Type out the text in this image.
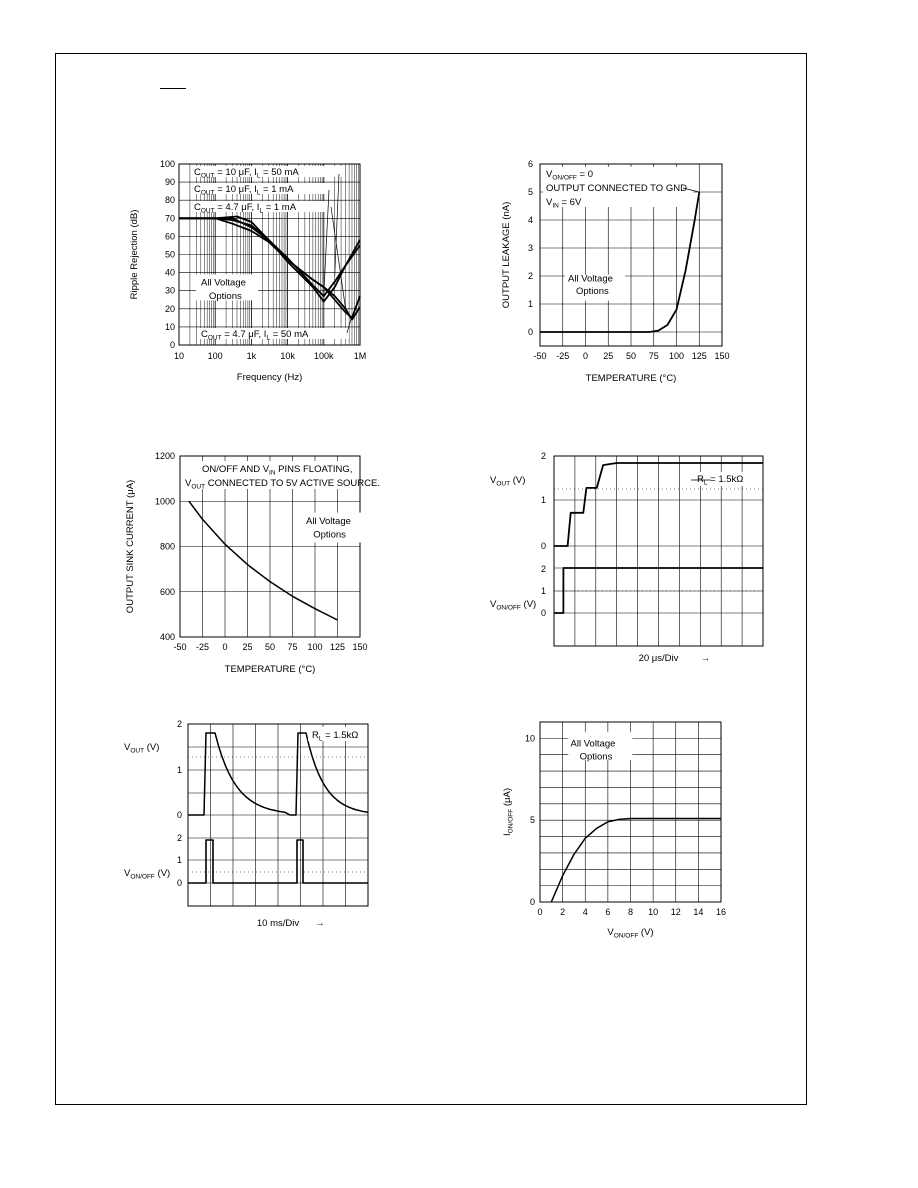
0
10
20
30
40
50
60
70
80
90
100
10	100	1k	10k 100k 1M
Frequency (Hz)
Ripple Rejection (dB)
$C_{OUT} = 10$ μF, $I_L = 50$ mA
$C_{OUT} = 10$ μF, $I_L = 1$ mA
$C_{OUT} = 4.7$ μF, $I_L = 1$ mA
$C_{OUT} = 4.7$ μF, $I_L = 50$ mA
All Voltage
Options
0
1
2
3
4
5
6
-50 -25 0 25 50 75 100 125 150
TEMPERATURE (°C)
OUTPUT LEAKAGE (nA)
$V_{ON/OFF} = 0$
OUTPUT CONNECTED TO GND
$V_{IN} = 6V$
All Voltage
Options
400
600
800
1000
1200
-50 -25 0 25 50 75 100 125 150
TEMPERATURE (°C)
OUTPUT SINK CURRENT (μA)
ON/OFF AND $V_{IN}$ PINS FLOATING,
$V_{OUT}$ CONNECTED TO 5V ACTIVE SOURCE.
All Voltage
Options
2
1
0
2
1
0
$V_{OUT}$ (V)
$V_{ON/OFF}$ (V)
$R_L = 1.5k\Omega$
20 μs/Div →
2
1
0
2
1
0
$V_{OUT}$ (V)
$V_{ON/OFF}$ (V)
$R_L = 1.5k\Omega$
10 ms/Div →
0
5
10
0 2 4 6 8 10 12 14 16
$V_{ON/OFF}$ (V)
$I_{ON/OFF}$ (μA)
All Voltage
Options
